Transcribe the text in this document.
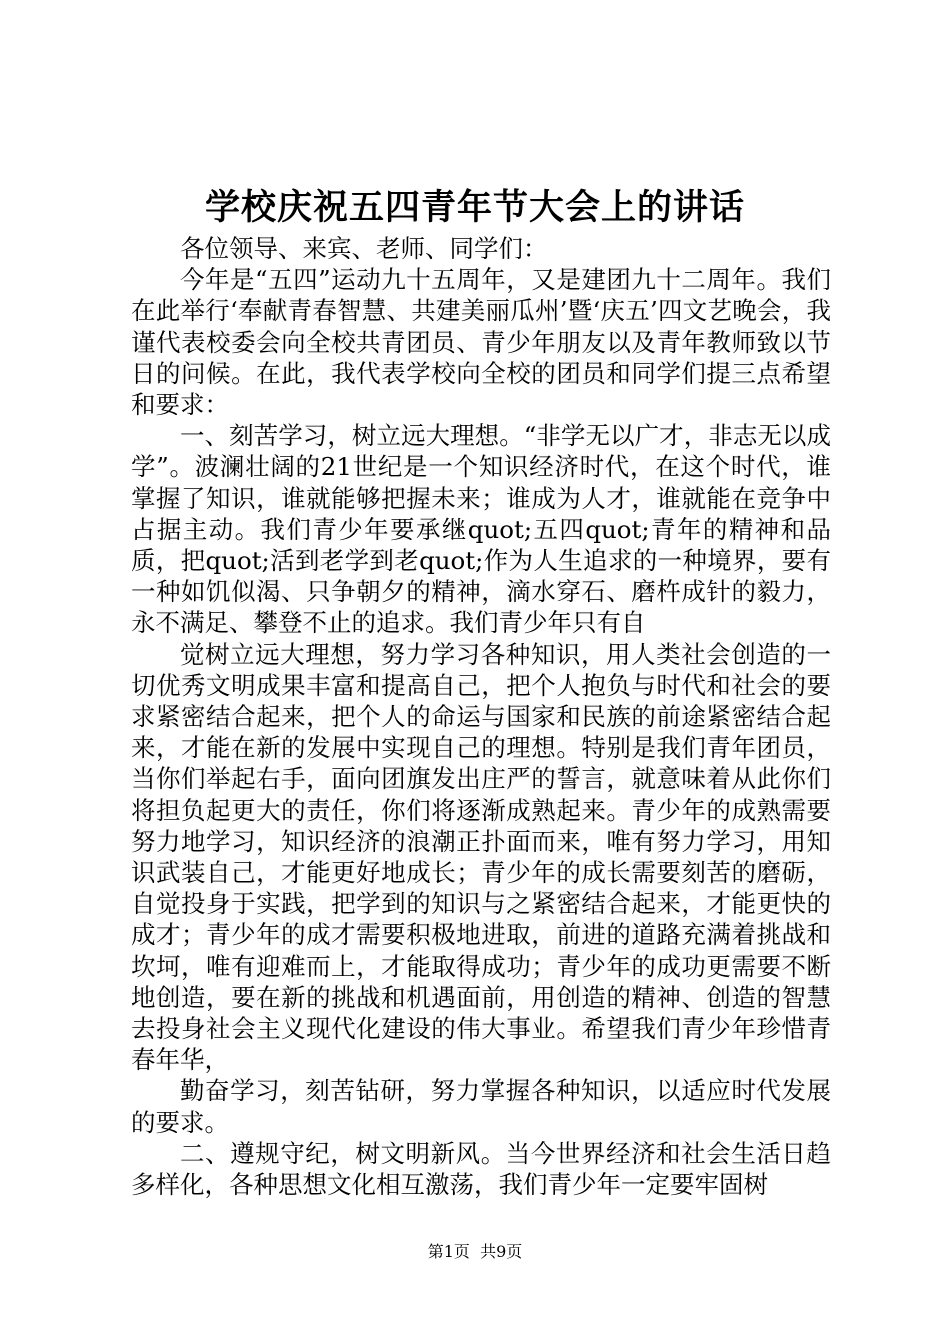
学校庆祝五四青年节大会上的讲话

各位领导、来宾、老师、同学们：

今年是“五四”运动九十五周年，又是建团九十二周年。我们在此举行‘奉献青春智慧、共建美丽瓜州’暨‘庆五’四文艺晚会，我谨代表校委会向全校共青团员、青少年朋友以及青年教师致以节日的问候。在此，我代表学校向全校的团员和同学们提三点希望和要求：

一、刻苦学习，树立远大理想。“非学无以广才，非志无以成学”。波澜壮阔的21世纪是一个知识经济时代，在这个时代，谁掌握了知识，谁就能够把握未来；谁成为人才，谁就能在竞争中占据主动。我们青少年要承继quot;五四quot;青年的精神和品质，把quot;活到老学到老quot;作为人生追求的一种境界，要有一种如饥似渴、只争朝夕的精神，滴水穿石、磨杵成针的毅力，永不满足、攀登不止的追求。我们青少年只有自

觉树立远大理想，努力学习各种知识，用人类社会创造的一切优秀文明成果丰富和提高自己，把个人抱负与时代和社会的要求紧密结合起来，把个人的命运与国家和民族的前途紧密结合起来，才能在新的发展中实现自己的理想。特别是我们青年团员，当你们举起右手，面向团旗发出庄严的誓言，就意味着从此你们将担负起更大的责任，你们将逐渐成熟起来。青少年的成熟需要努力地学习，知识经济的浪潮正扑面而来，唯有努力学习，用知识武装自己，才能更好地成长；青少年的成长需要刻苦的磨砺，自觉投身于实践，把学到的知识与之紧密结合起来，才能更快的成才；青少年的成才需要积极地进取，前进的道路充满着挑战和坎坷，唯有迎难而上，才能取得成功；青少年的成功更需要不断地创造，要在新的挑战和机遇面前，用创造的精神、创造的智慧去投身社会主义现代化建设的伟大事业。希望我们青少年珍惜青春年华，

勤奋学习，刻苦钻研，努力掌握各种知识，以适应时代发展的要求。

二、遵规守纪，树文明新风。当今世界经济和社会生活日趋多样化，各种思想文化相互激荡，我们青少年一定要牢固树

第1页  共9页
